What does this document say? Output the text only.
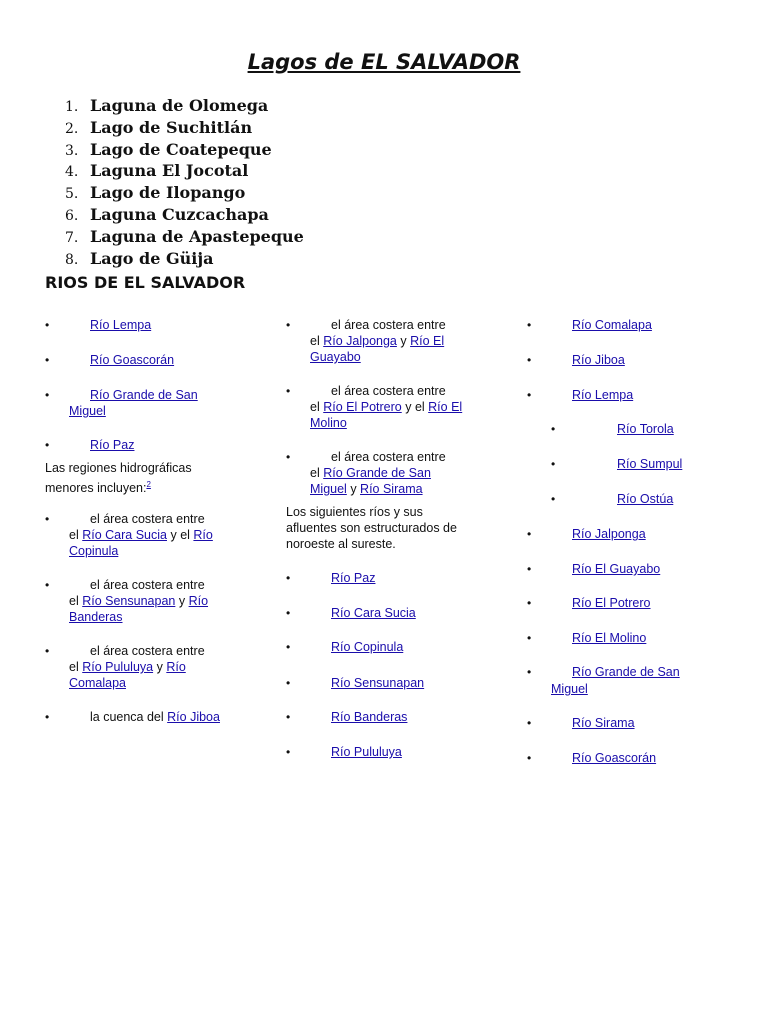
Lagos de EL SALVADOR
1. Laguna de Olomega
2. Lago de Suchitlán
3. Lago de Coatepeque
4. Laguna El Jocotal
5. Lago de Ilopango
6. Laguna Cuzcachapa
7. Laguna de Apastepeque
8. Lago de Güija
RIOS DE EL SALVADOR
•	Río Lempa
•	Río Goascorán
•	Río Grande de San
Miguel
•	Río Paz
Las regiones hidrográficas
menores incluyen:$^2$
•	el área costera entre
el Río Cara Sucia y el Río
Copinula
•	el área costera entre
el Río Sensunapan y Río
Banderas
•	el área costera entre
el Río Pululuya y Río
Comalapa
•	la cuenca del Río Jiboa
•	el área costera entre
el Río Jalponga y Río El
Guayabo
•	el área costera entre
el Río El Potrero y el Río El
Molino
•	el área costera entre
el Río Grande de San
Miguel y Río Sirama
Los siguientes ríos y sus
afluentes son estructurados de
noroeste al sureste.
•	Río Paz
•	Río Cara Sucia
•	Río Copinula
•	Río Sensunapan
•	Río Banderas
•	Río Pululuya
•	Río Comalapa
•	Río Jiboa
•	Río Lempa
•	Río Torola
•	Río Sumpul
•	Río Ostúa
•	Río Jalponga
•	Río El Guayabo
•	Río El Potrero
•	Río El Molino
•	Río Grande de San
Miguel
•	Río Sirama
•	Río Goascorán
